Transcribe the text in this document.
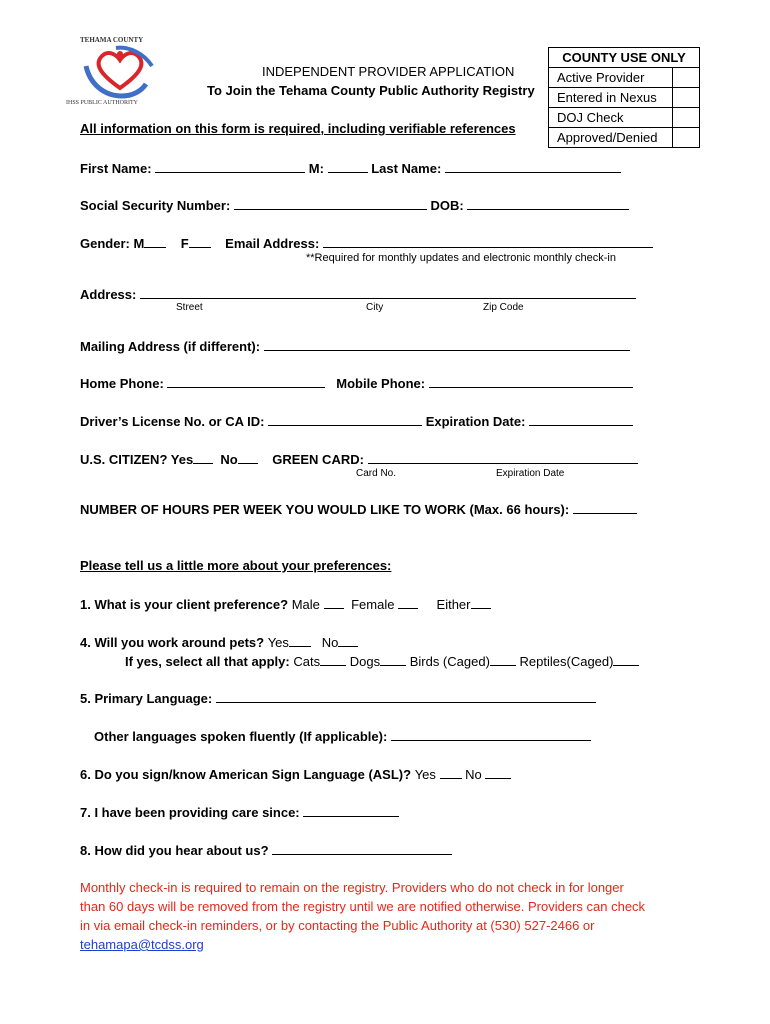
TEHAMA COUNTY
IHSS PUBLIC AUTHORITY
INDEPENDENT PROVIDER APPLICATION
To Join the Tehama County Public Authority Registry
All information on this form is required, including verifiable references
COUNTY USE ONLY
Active Provider
Entered in Nexus
DOJ Check
Approved/Denied
First Name:	M:	Last Name:
Social Security Number:	DOB:
Gender: M	F	Email Address:
**Required for monthly updates and electronic monthly check-in
Address:
Street	City	Zip Code
Mailing Address (if different):
Home Phone:	Mobile Phone:
Driver’s License No. or CA ID:	Expiration Date:
U.S. CITIZEN? Yes No	GREEN CARD:
Card No.	Expiration Date
NUMBER OF HOURS PER WEEK YOU WOULD LIKE TO WORK (Max. 66 hours):
Please tell us a little more about your preferences:
1. What is your client preference? Male Female	Either
4. Will you work around pets? Yes	No
If yes, select all that apply: Cats Dogs Birds (Caged) Reptiles(Caged)
5. Primary Language:
Other languages spoken fluently (If applicable):
6. Do you sign/know American Sign Language (ASL)? Yes No
7. I have been providing care since:
8. How did you hear about us?
Monthly check-in is required to remain on the registry. Providers who do not check in for longer
than 60 days will be removed from the registry until we are notified otherwise. Providers can check
in via email check-in reminders, or by contacting the Public Authority at (530) 527-2466 or
tehamapa@tcdss.org
